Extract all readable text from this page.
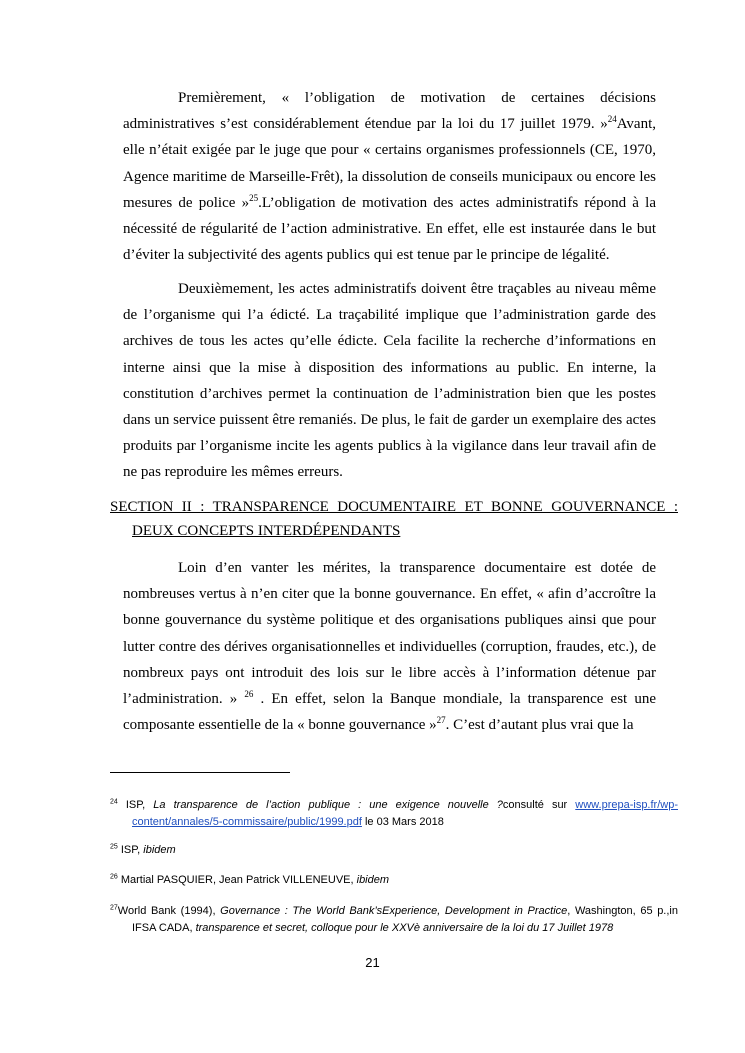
Premièrement, « l’obligation de motivation de certaines décisions administratives s’est considérablement étendue par la loi du 17 juillet 1979. »$^{24}$Avant, elle n’était exigée par le juge que pour « certains organismes professionnels (CE, 1970, Agence maritime de Marseille-Frêt), la dissolution de conseils municipaux ou encore les mesures de police »$^{25}$.L’obligation de motivation des actes administratifs répond à la nécessité de régularité de l’action administrative. En effet, elle est instaurée dans le but d’éviter la subjectivité des agents publics qui est tenue par le principe de légalité.

Deuxièmement, les actes administratifs doivent être traçables au niveau même de l’organisme qui l’a édicté. La traçabilité implique que l’administration garde des archives de tous les actes qu’elle édicte. Cela facilite la recherche d’informations en interne ainsi que la mise à disposition des informations au public. En interne, la constitution d’archives permet la continuation de l’administration bien que les postes dans un service puissent être remaniés. De plus, le fait de garder un exemplaire des actes produits par l’organisme incite les agents publics à la vigilance dans leur travail afin de ne pas reproduire les mêmes erreurs.

SECTION II : TRANSPARENCE DOCUMENTAIRE ET BONNE GOUVERNANCE : DEUX CONCEPTS INTERDÉPENDANTS

Loin d’en vanter les mérites, la transparence documentaire est dotée de nombreuses vertus à n’en citer que la bonne gouvernance. En effet, « afin d’accroître la bonne gouvernance du système politique et des organisations publiques ainsi que pour lutter contre des dérives organisationnelles et individuelles (corruption, fraudes, etc.), de nombreux pays ont introduit des lois sur le libre accès à l’information détenue par l’administration. » $^{26}$ . En effet, selon la Banque mondiale, la transparence est une composante essentielle de la « bonne gouvernance »$^{27}$. C’est d’autant plus vrai que la

$^{24}$ ISP, La transparence de l’action publique : une exigence nouvelle ?consulté sur www.prepa-isp.fr/wp-content/annales/5-commissaire/public/1999.pdf le 03 Mars 2018

$^{25}$ ISP, ibidem

$^{26}$ Martial PASQUIER, Jean Patrick VILLENEUVE, ibidem

$^{27}$World Bank (1994), Governance : The World Bank’sExperience, Development in Practice, Washington, 65 p.,in IFSA CADA, transparence et secret, colloque pour le XXVè anniversaire de la loi du 17 Juillet 1978

21
